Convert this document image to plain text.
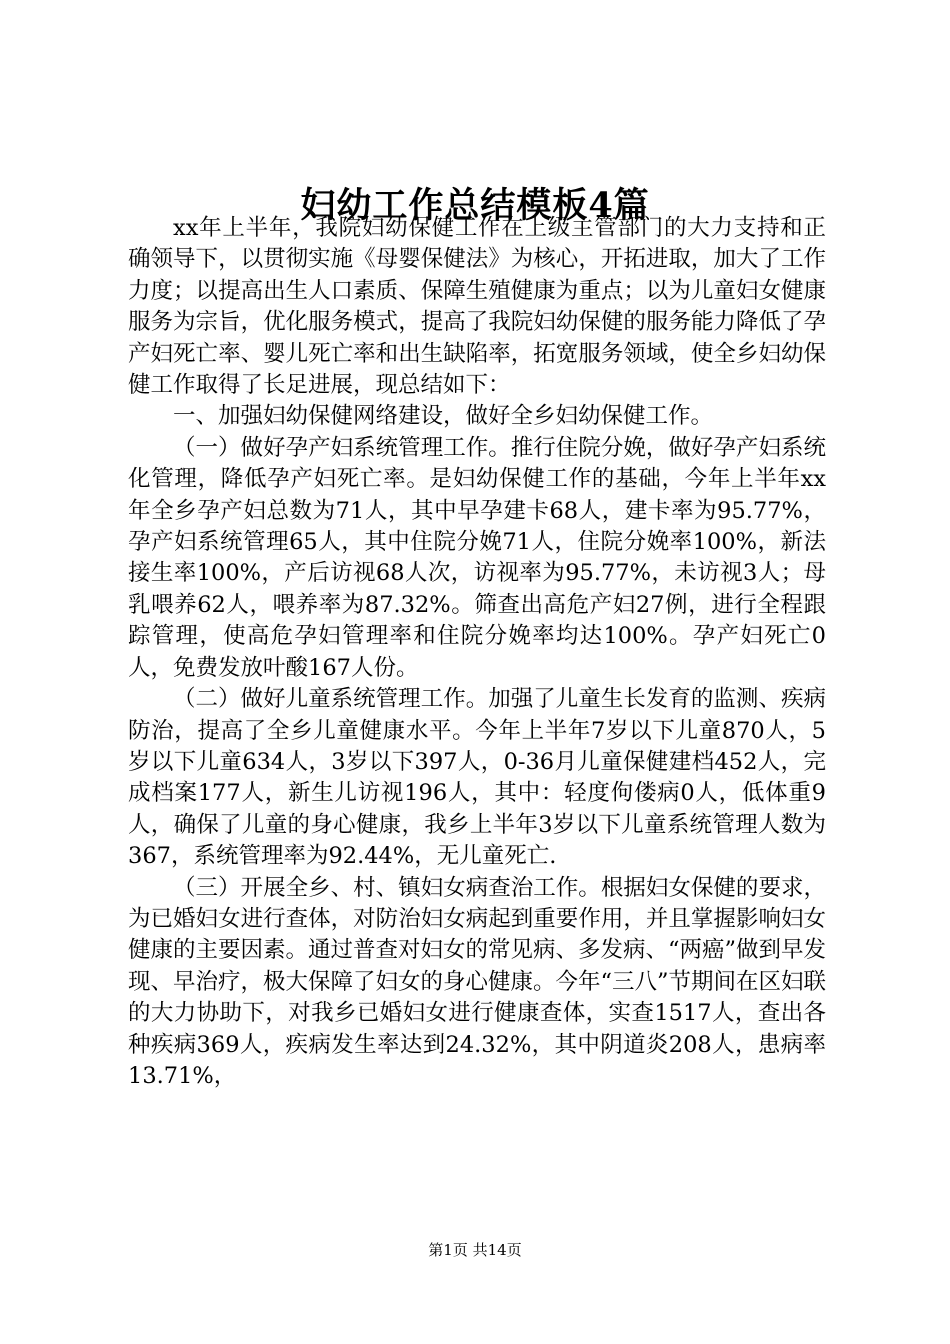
妇幼工作总结模板4篇

xx年上半年，我院妇幼保健工作在上级主管部门的大力支持和正确领导下，以贯彻实施《母婴保健法》为核心，开拓进取，加大了工作力度；以提高出生人口素质、保障生殖健康为重点；以为儿童妇女健康服务为宗旨，优化服务模式，提高了我院妇幼保健的服务能力降低了孕产妇死亡率、婴儿死亡率和出生缺陷率，拓宽服务领域，使全乡妇幼保健工作取得了长足进展，现总结如下：

一、加强妇幼保健网络建设，做好全乡妇幼保健工作。

（一）做好孕产妇系统管理工作。推行住院分娩，做好孕产妇系统化管理，降低孕产妇死亡率。是妇幼保健工作的基础，今年上半年xx年全乡孕产妇总数为71人，其中早孕建卡68人，建卡率为95.77%，孕产妇系统管理65人，其中住院分娩71人，住院分娩率100%，新法接生率100%，产后访视68人次，访视率为95.77%，未访视3人；母乳喂养62人，喂养率为87.32%。筛查出高危产妇27例，进行全程跟踪管理，使高危孕妇管理率和住院分娩率均达100%。孕产妇死亡0人，免费发放叶酸167人份。

（二）做好儿童系统管理工作。加强了儿童生长发育的监测、疾病防治，提高了全乡儿童健康水平。今年上半年7岁以下儿童870人，5岁以下儿童634人，3岁以下397人，0-36月儿童保健建档452人，完成档案177人，新生儿访视196人，其中：轻度佝偻病0人，低体重9人，确保了儿童的身心健康，我乡上半年3岁以下儿童系统管理人数为367，系统管理率为92.44%，无儿童死亡.

（三）开展全乡、村、镇妇女病查治工作。根据妇女保健的要求，为已婚妇女进行查体，对防治妇女病起到重要作用，并且掌握影响妇女健康的主要因素。通过普查对妇女的常见病、多发病、“两癌”做到早发现、早治疗，极大保障了妇女的身心健康。今年“三八”节期间在区妇联的大力协助下，对我乡已婚妇女进行健康查体，实查1517人，查出各种疾病369人，疾病发生率达到24.32%，其中阴道炎208人，患病率13.71%，

第1页 共14页
